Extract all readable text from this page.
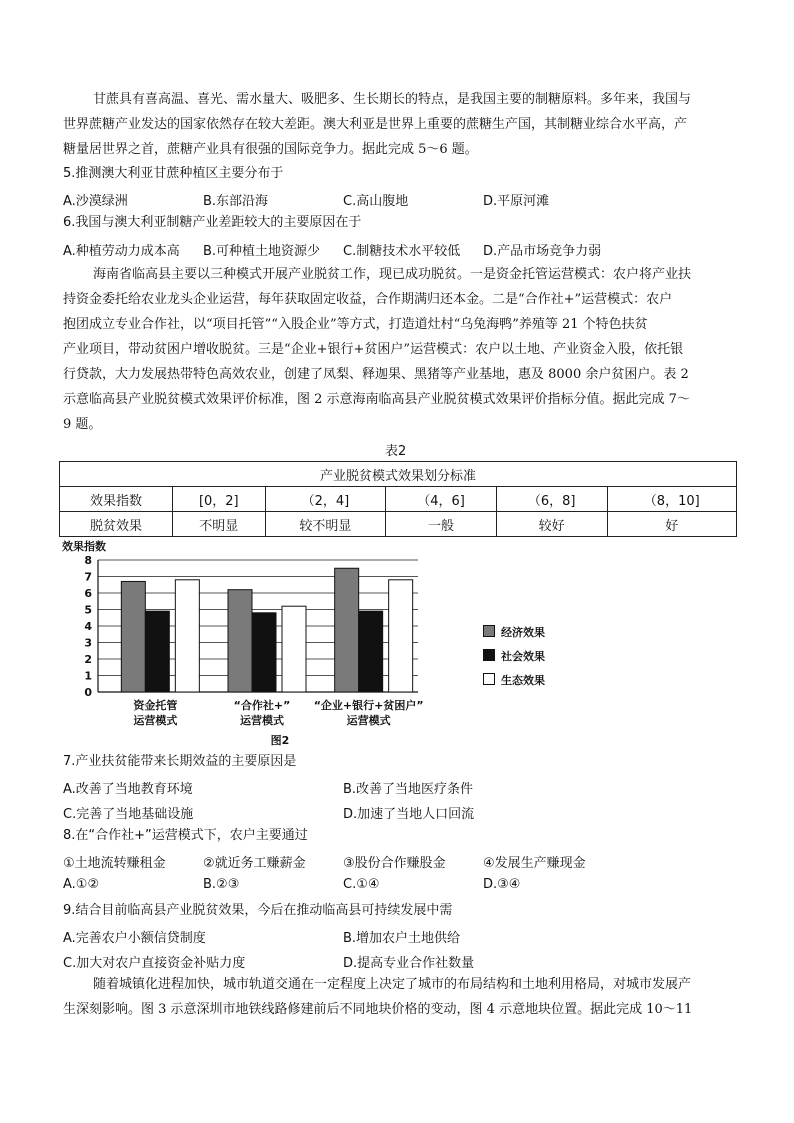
甘蔗具有喜高温、喜光、需水量大、吸肥多、生长期长的特点，是我国主要的制糖原料。多年来，我国与
世界蔗糖产业发达的国家依然存在较大差距。澳大利亚是世界上重要的蔗糖生产国，其制糖业综合水平高，产
糖量居世界之首，蔗糖产业具有很强的国际竞争力。据此完成 5～6 题。
5.推测澳大利亚甘蔗种植区主要分布于
A.沙漠绿洲	B.东部沿海	C.高山腹地	D.平原河滩
6.我国与澳大利亚制糖产业差距较大的主要原因在于
A.种植劳动力成本高 B.可种植土地资源少 C.制糖技术水平较低 D.产品市场竞争力弱
海南省临高县主要以三种模式开展产业脱贫工作，现已成功脱贫。一是资金托管运营模式：农户将产业扶
持资金委托给农业龙头企业运营，每年获取固定收益，合作期满归还本金。二是“合作社+”运营模式：农户
抱团成立专业合作社，以“项目托管”“入股企业”等方式，打造道灶村“乌兔海鸭”养殖等 21 个特色扶贫
产业项目，带动贫困户增收脱贫。三是“企业+银行+贫困户”运营模式：农户以土地、产业资金入股，依托银
行贷款，大力发展热带特色高效农业，创建了凤梨、释迦果、黑猪等产业基地，惠及 8000 余户贫困户。表 2
示意临高县产业脱贫模式效果评价标准，图 2 示意海南临高县产业脱贫模式效果评价指标分值。据此完成 7～
9 题。
表2
产业脱贫模式效果划分标准					
效果指数	[0，2]	（2，4]	（4，6]	（6，8]	（8，10]
脱贫效果	不明显	较不明显	一般	较好	好
效果指数
0
1
2
3
4
5
6
7
8
资金托管
运营模式
“合作社+”
运营模式
“企业+银行+贫困户”
运营模式
图2
经济效果
社会效果
生态效果
7.产业扶贫能带来长期效益的主要原因是
A.改善了当地教育环境	B.改善了当地医疗条件
C.完善了当地基础设施	D.加速了当地人口回流
8.在“合作社+”运营模式下，农户主要通过
①土地流转赚租金	②就近务工赚薪金	③股份合作赚股金	④发展生产赚现金
A.①②	B.②③	C.①④	D.③④
9.结合目前临高县产业脱贫效果，今后在推动临高县可持续发展中需
A.完善农户小额信贷制度	B.增加农户土地供给
C.加大对农户直接资金补贴力度	D.提高专业合作社数量
随着城镇化进程加快，城市轨道交通在一定程度上决定了城市的布局结构和土地利用格局，对城市发展产
生深刻影响。图 3 示意深圳市地铁线路修建前后不同地块价格的变动，图 4 示意地块位置。据此完成 10～11
